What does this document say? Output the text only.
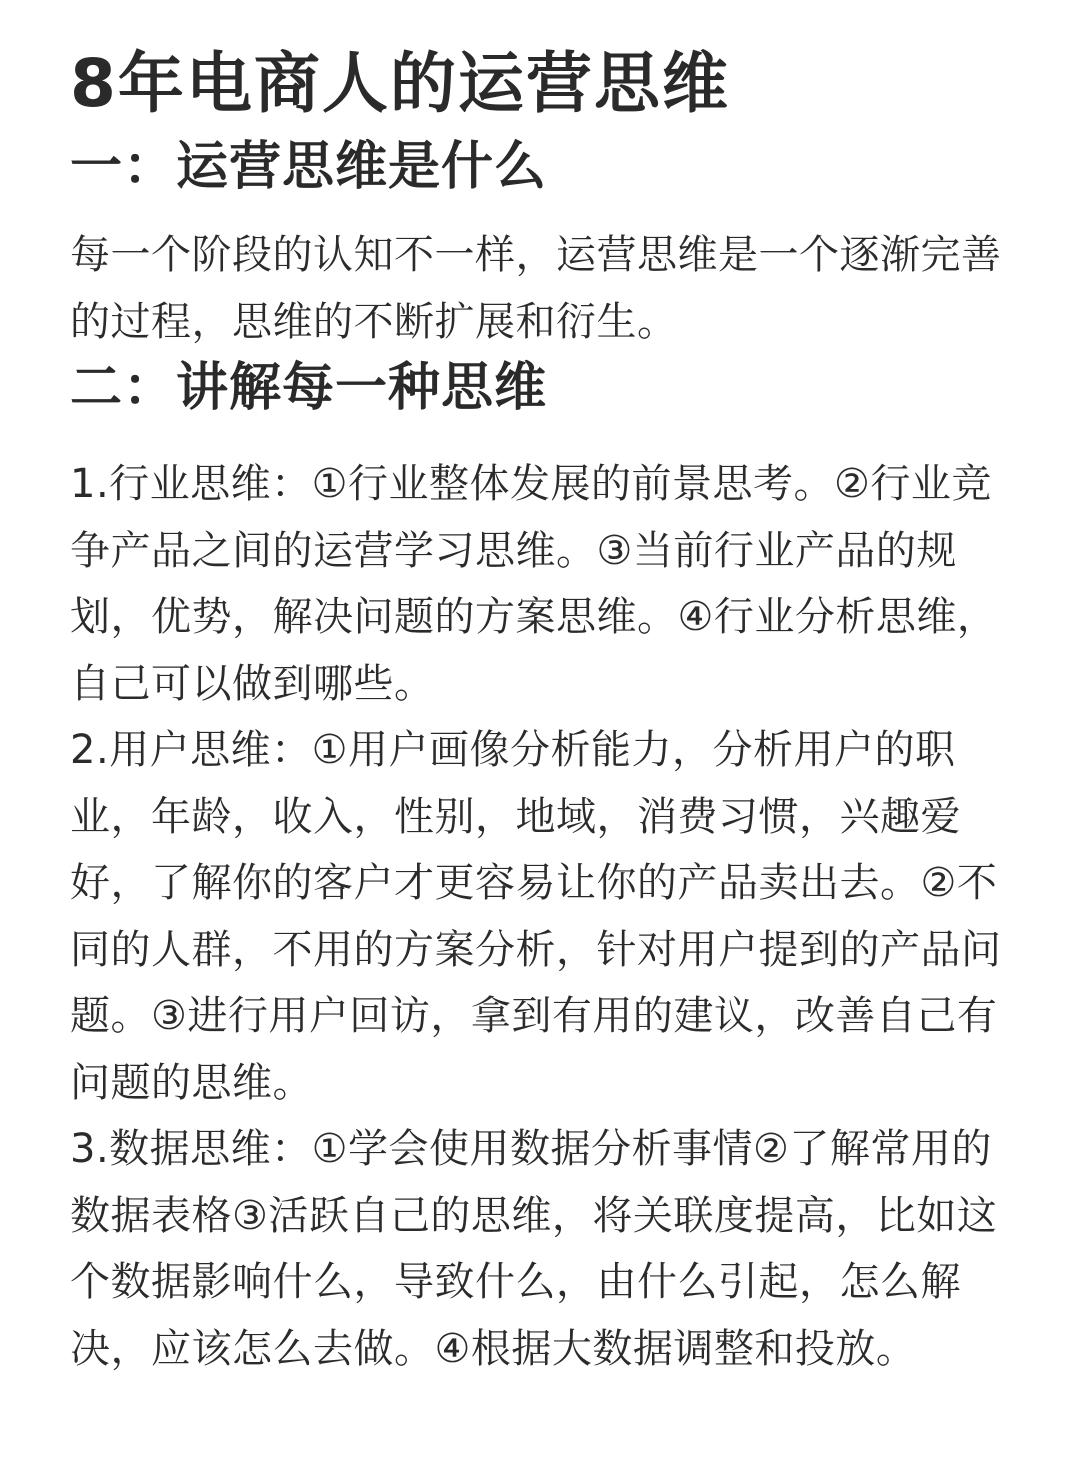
8年电商人的运营思维
一：运营思维是什么

每一个阶段的认知不一样，运营思维是一个逐渐完善的过程，思维的不断扩展和衍生。

二：讲解每一种思维

1.行业思维：①行业整体发展的前景思考。②行业竞争产品之间的运营学习思维。③当前行业产品的规划，优势，解决问题的方案思维。④行业分析思维，自己可以做到哪些。

2.用户思维：①用户画像分析能力，分析用户的职业，年龄，收入，性别，地域，消费习惯，兴趣爱好，了解你的客户才更容易让你的产品卖出去。②不同的人群，不用的方案分析，针对用户提到的产品问题。③进行用户回访，拿到有用的建议，改善自己有问题的思维。

3.数据思维：①学会使用数据分析事情②了解常用的数据表格③活跃自己的思维，将关联度提高，比如这个数据影响什么，导致什么，由什么引起，怎么解决，应该怎么去做。④根据大数据调整和投放。
